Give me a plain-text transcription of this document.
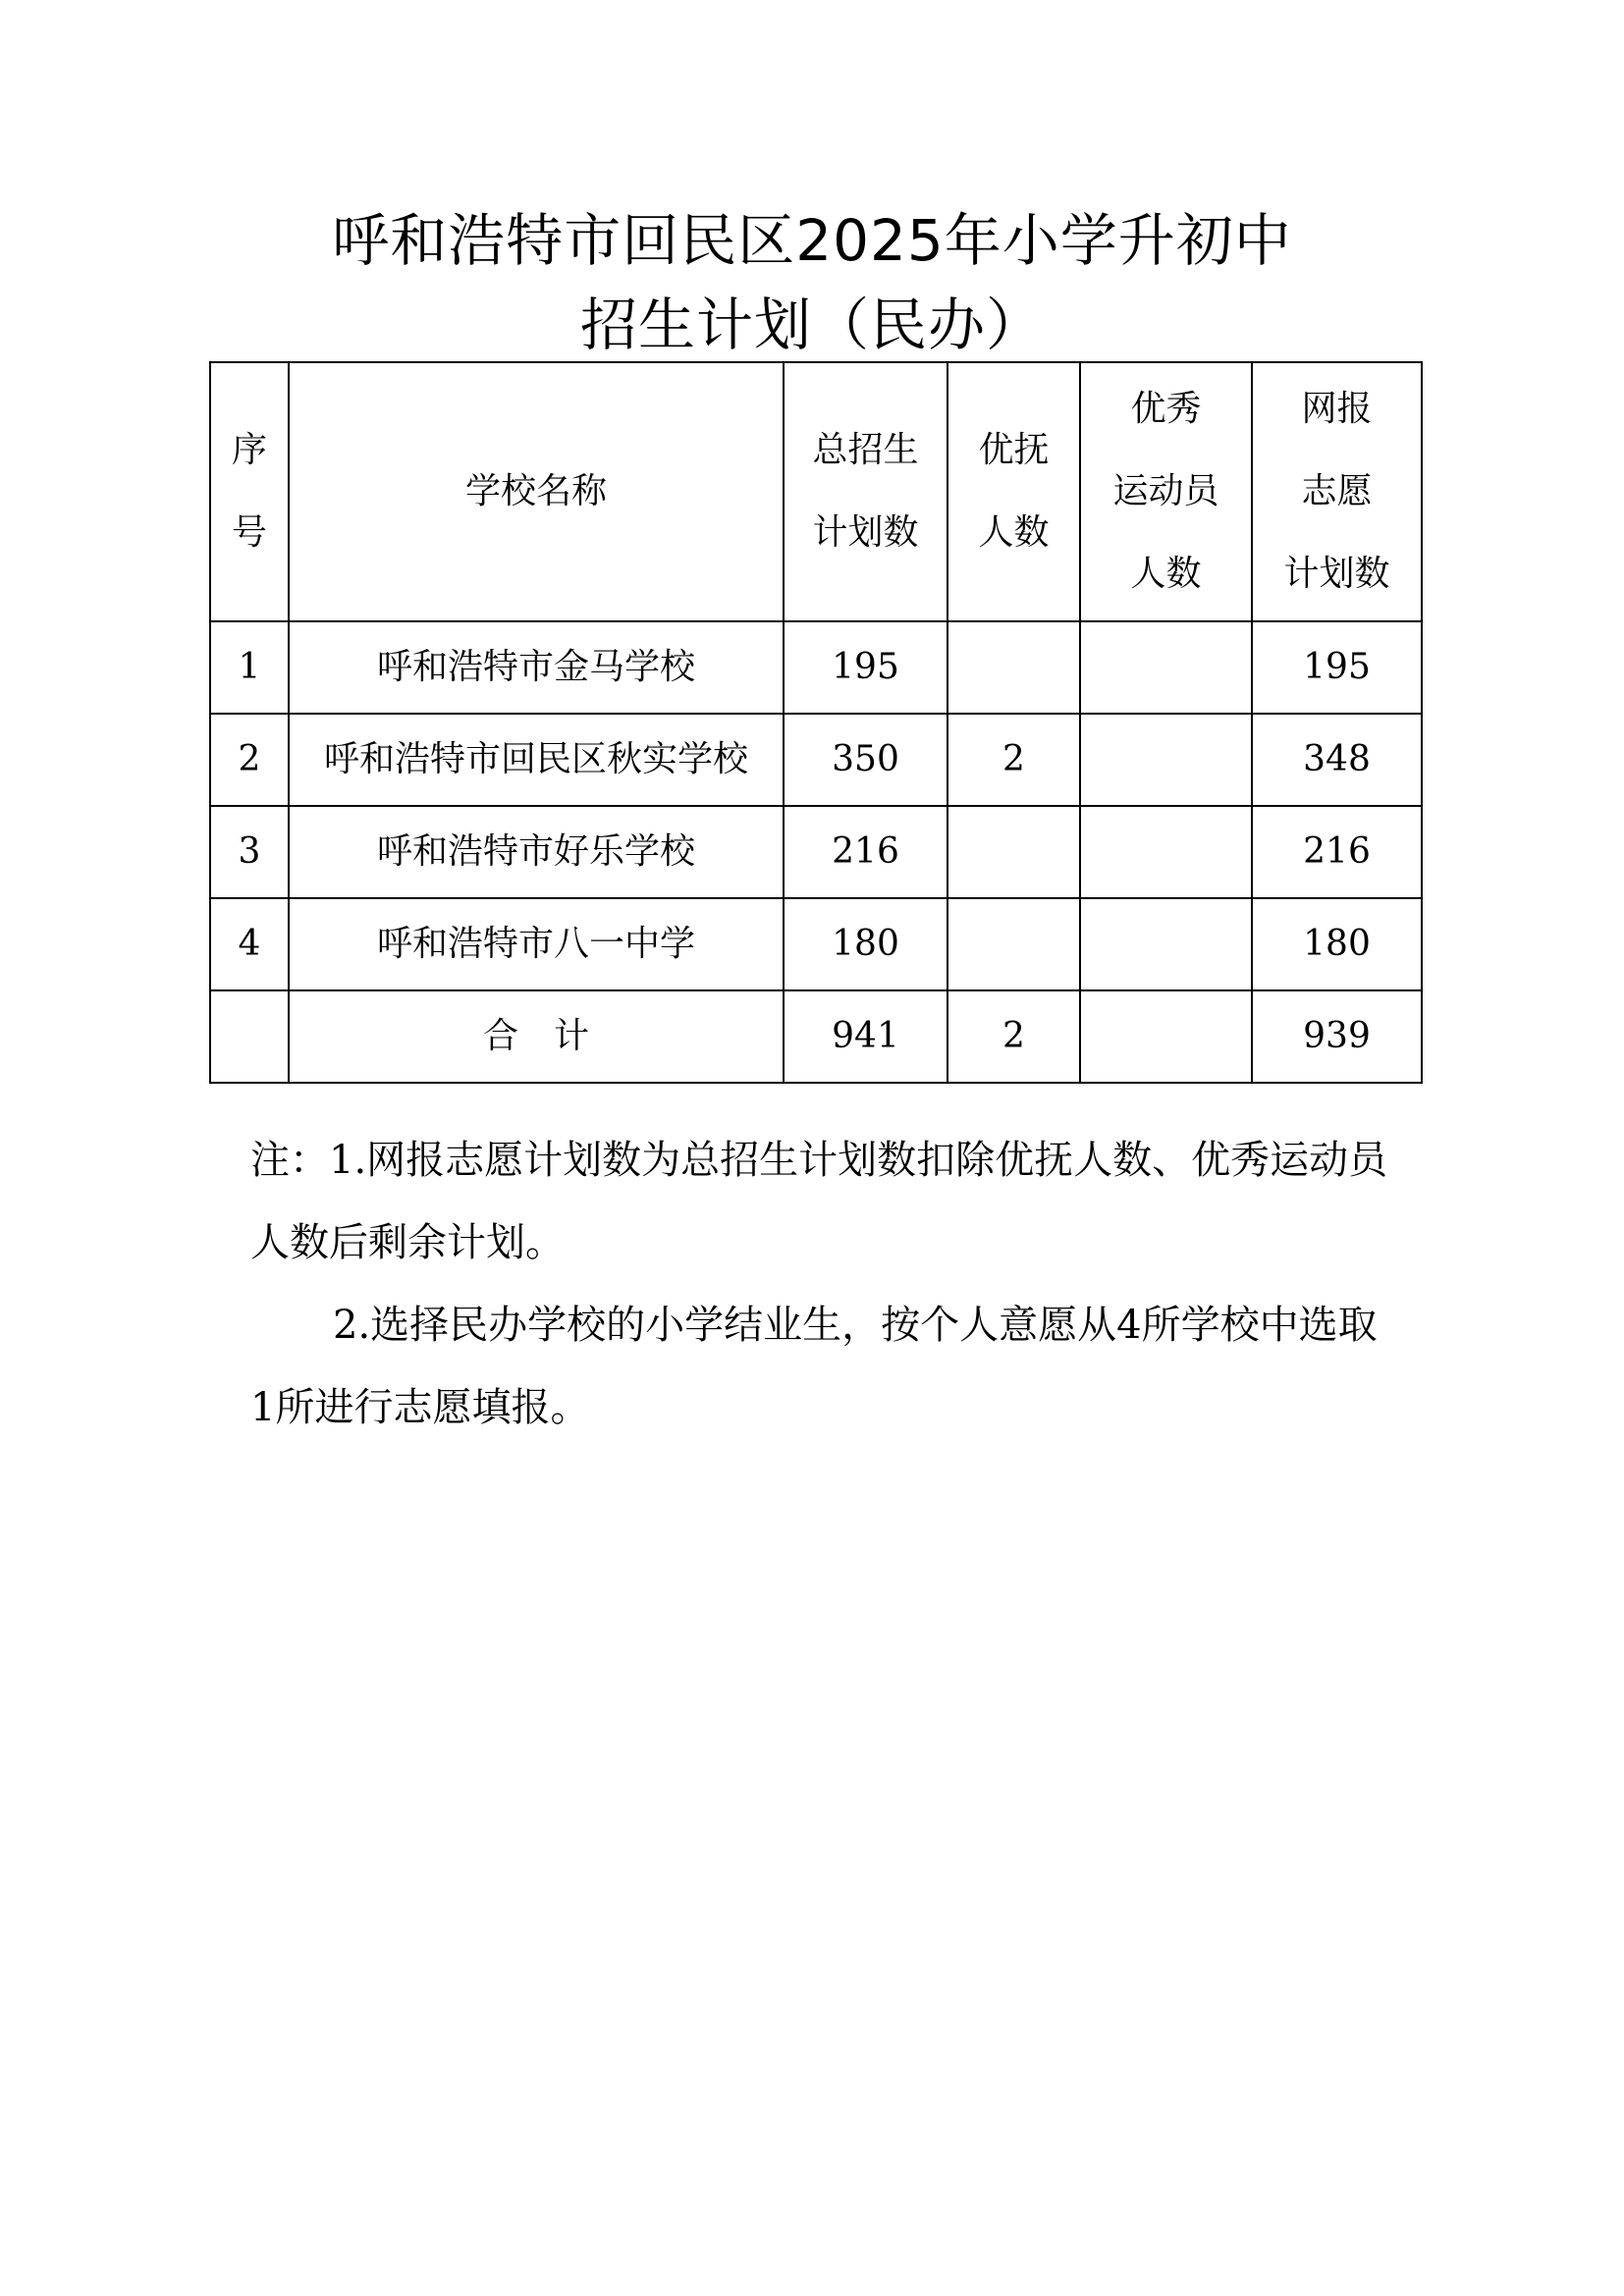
呼和浩特市回民区2025年小学升初中
招生计划（民办）
序
号	学校名称	总招生
计划数	优抚
人数	优秀
运动员
人数	网报
志愿
计划数

1	呼和浩特市金马学校	195			195
2	呼和浩特市回民区秋实学校	350	2		348
3	呼和浩特市好乐学校	216			216
4	呼和浩特市八一中学	180			180
	合　计	941	2		939

注：1.网报志愿计划数为总招生计划数扣除优抚人数、优秀运动员人数后剩余计划。

2.选择民办学校的小学结业生，按个人意愿从4所学校中选取1所进行志愿填报。
